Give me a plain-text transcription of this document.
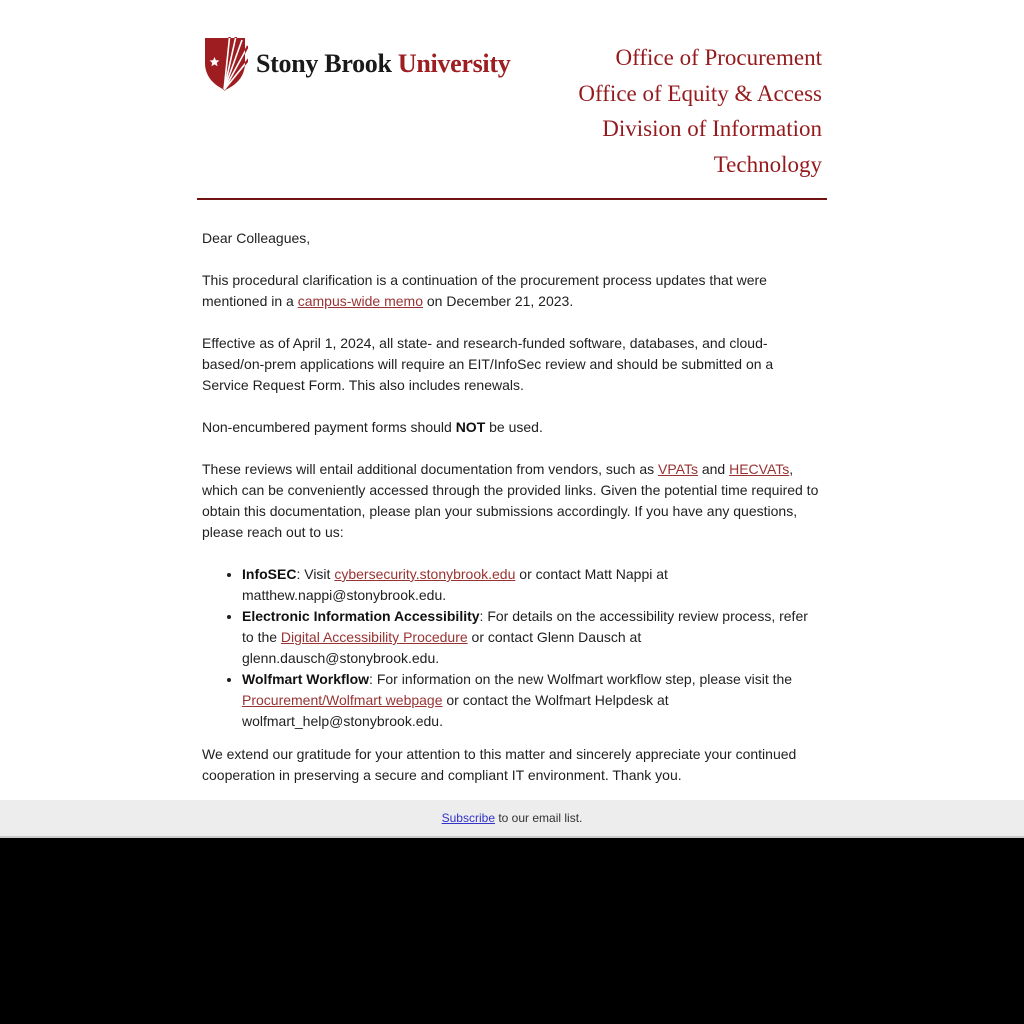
Stony Brook University	Office of Procurement
Office of Equity & Access
Division of Information Technology

Dear Colleagues,

This procedural clarification is a continuation of the procurement process updates that were mentioned in a campus-wide memo on December 21, 2023.

Effective as of April 1, 2024, all state- and research-funded software, databases, and cloud-based/on-prem applications will require an EIT/InfoSec review and should be submitted on a Service Request Form. This also includes renewals.

Non-encumbered payment forms should NOT be used.

These reviews will entail additional documentation from vendors, such as VPATs and HECVATs, which can be conveniently accessed through the provided links. Given the potential time required to obtain this documentation, please plan your submissions accordingly. If you have any questions, please reach out to us:

• InfoSEC: Visit cybersecurity.stonybrook.edu or contact Matt Nappi at matthew.nappi@stonybrook.edu.
• Electronic Information Accessibility: For details on the accessibility review process, refer to the Digital Accessibility Procedure or contact Glenn Dausch at glenn.dausch@stonybrook.edu.
• Wolfmart Workflow: For information on the new Wolfmart workflow step, please visit the Procurement/Wolfmart webpage or contact the Wolfmart Helpdesk at wolfmart_help@stonybrook.edu.

We extend our gratitude for your attention to this matter and sincerely appreciate your continued cooperation in preserving a secure and compliant IT environment. Thank you.

Subscribe to our email list.
